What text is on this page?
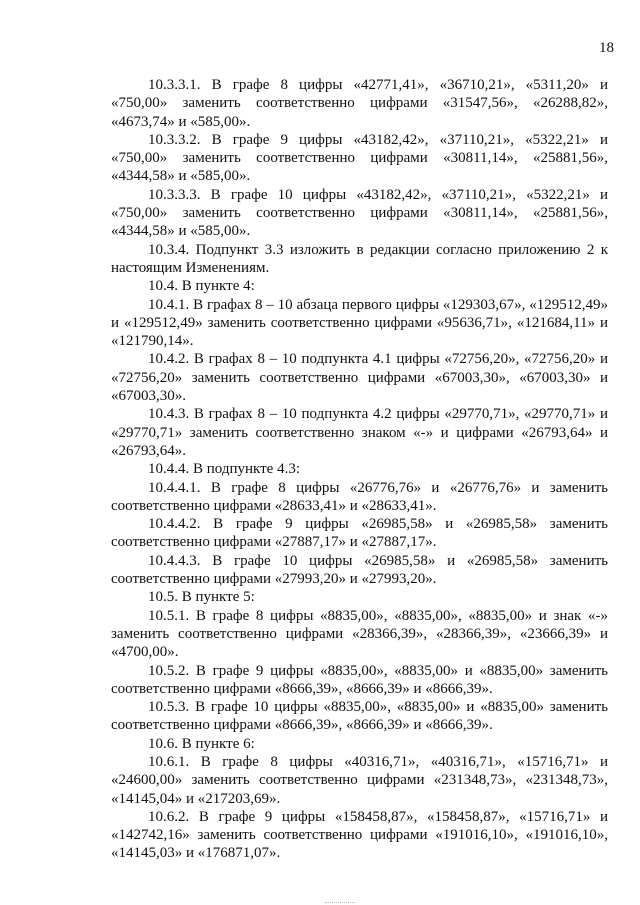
18

10.3.3.1. В графе 8 цифры «42771,41», «36710,21», «5311,20» и «750,00» заменить соответственно цифрами «31547,56», «26288,82», «4673,74» и «585,00».

10.3.3.2. В графе 9 цифры «43182,42», «37110,21», «5322,21» и «750,00» заменить соответственно цифрами «30811,14», «25881,56», «4344,58» и «585,00».

10.3.3.3. В графе 10 цифры «43182,42», «37110,21», «5322,21» и «750,00» заменить соответственно цифрами «30811,14», «25881,56», «4344,58» и «585,00».

10.3.4. Подпункт 3.3 изложить в редакции согласно приложению 2 к настоящим Изменениям.

10.4. В пункте 4:

10.4.1. В графах 8 – 10 абзаца первого цифры «129303,67», «129512,49» и «129512,49» заменить соответственно цифрами «95636,71», «121684,11» и «121790,14».

10.4.2. В графах 8 – 10 подпункта 4.1 цифры «72756,20», «72756,20» и «72756,20» заменить соответственно цифрами «67003,30», «67003,30» и «67003,30».

10.4.3. В графах 8 – 10 подпункта 4.2 цифры «29770,71», «29770,71» и «29770,71» заменить соответственно знаком «-» и цифрами «26793,64» и «26793,64».

10.4.4. В подпункте 4.3:

10.4.4.1. В графе 8 цифры «26776,76» и «26776,76» и заменить соответственно цифрами «28633,41» и «28633,41».

10.4.4.2. В графе 9 цифры «26985,58» и «26985,58» заменить соответственно цифрами «27887,17» и «27887,17».

10.4.4.3. В графе 10 цифры «26985,58» и «26985,58» заменить соответственно цифрами «27993,20» и «27993,20».

10.5. В пункте 5:

10.5.1. В графе 8 цифры «8835,00», «8835,00», «8835,00» и знак «-» заменить соответственно цифрами «28366,39», «28366,39», «23666,39» и «4700,00».

10.5.2. В графе 9 цифры «8835,00», «8835,00» и «8835,00» заменить соответственно цифрами «8666,39», «8666,39» и «8666,39».

10.5.3. В графе 10 цифры «8835,00», «8835,00» и «8835,00» заменить соответственно цифрами «8666,39», «8666,39» и «8666,39».

10.6. В пункте 6:

10.6.1. В графе 8 цифры «40316,71», «40316,71», «15716,71» и «24600,00» заменить соответственно цифрами «231348,73», «231348,73», «14145,04» и «217203,69».

10.6.2. В графе 9 цифры «158458,87», «158458,87», «15716,71» и «142742,16» заменить соответственно цифрами «191016,10», «191016,10», «14145,03» и «176871,07».
